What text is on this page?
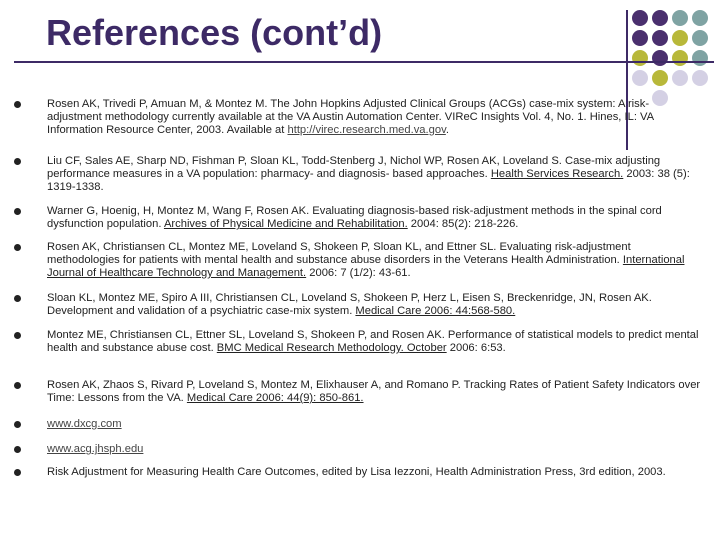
References (cont’d)
Rosen AK, Trivedi P, Amuan M, & Montez M. The John Hopkins Adjusted Clinical Groups (ACGs) case-mix system: A risk-adjustment methodology currently available at the VA Austin Automation Center. VIReC Insights Vol. 4, No. 1. Hines, IL: VA Information Resource Center, 2003. Available at http://virec.research.med.va.gov.
Liu CF, Sales AE, Sharp ND, Fishman P, Sloan KL, Todd-Stenberg J, Nichol WP, Rosen AK, Loveland S. Case-mix adjusting performance measures in a VA population: pharmacy- and diagnosis- based approaches. Health Services Research. 2003: 38 (5): 1319-1338.
Warner G, Hoenig, H, Montez M, Wang F, Rosen AK. Evaluating diagnosis-based risk-adjustment methods in the spinal cord dysfunction population. Archives of Physical Medicine and Rehabilitation. 2004: 85(2): 218-226.
Rosen AK, Christiansen CL, Montez ME, Loveland S, Shokeen P, Sloan KL, and Ettner SL. Evaluating risk-adjustment methodologies for patients with mental health and substance abuse disorders in the Veterans Health Administration. International Journal of Healthcare Technology and Management. 2006: 7 (1/2): 43-61.
Sloan KL, Montez ME, Spiro A III, Christiansen CL, Loveland S, Shokeen P, Herz L, Eisen S, Breckenridge, JN, Rosen AK. Development and validation of a psychiatric case-mix system. Medical Care 2006: 44:568-580.
Montez ME, Christiansen CL, Ettner SL, Loveland S, Shokeen P, and Rosen AK. Performance of statistical models to predict mental health and substance abuse cost. BMC Medical Research Methodology. October 2006: 6:53.
Rosen AK, Zhaos S, Rivard P, Loveland S, Montez M, Elixhauser A, and Romano P. Tracking Rates of Patient Safety Indicators over Time: Lessons from the VA. Medical Care 2006: 44(9): 850-861.
www.dxcg.com
www.acg.jhsph.edu
Risk Adjustment for Measuring Health Care Outcomes, edited by Lisa Iezzoni, Health Administration Press, 3rd edition, 2003.
